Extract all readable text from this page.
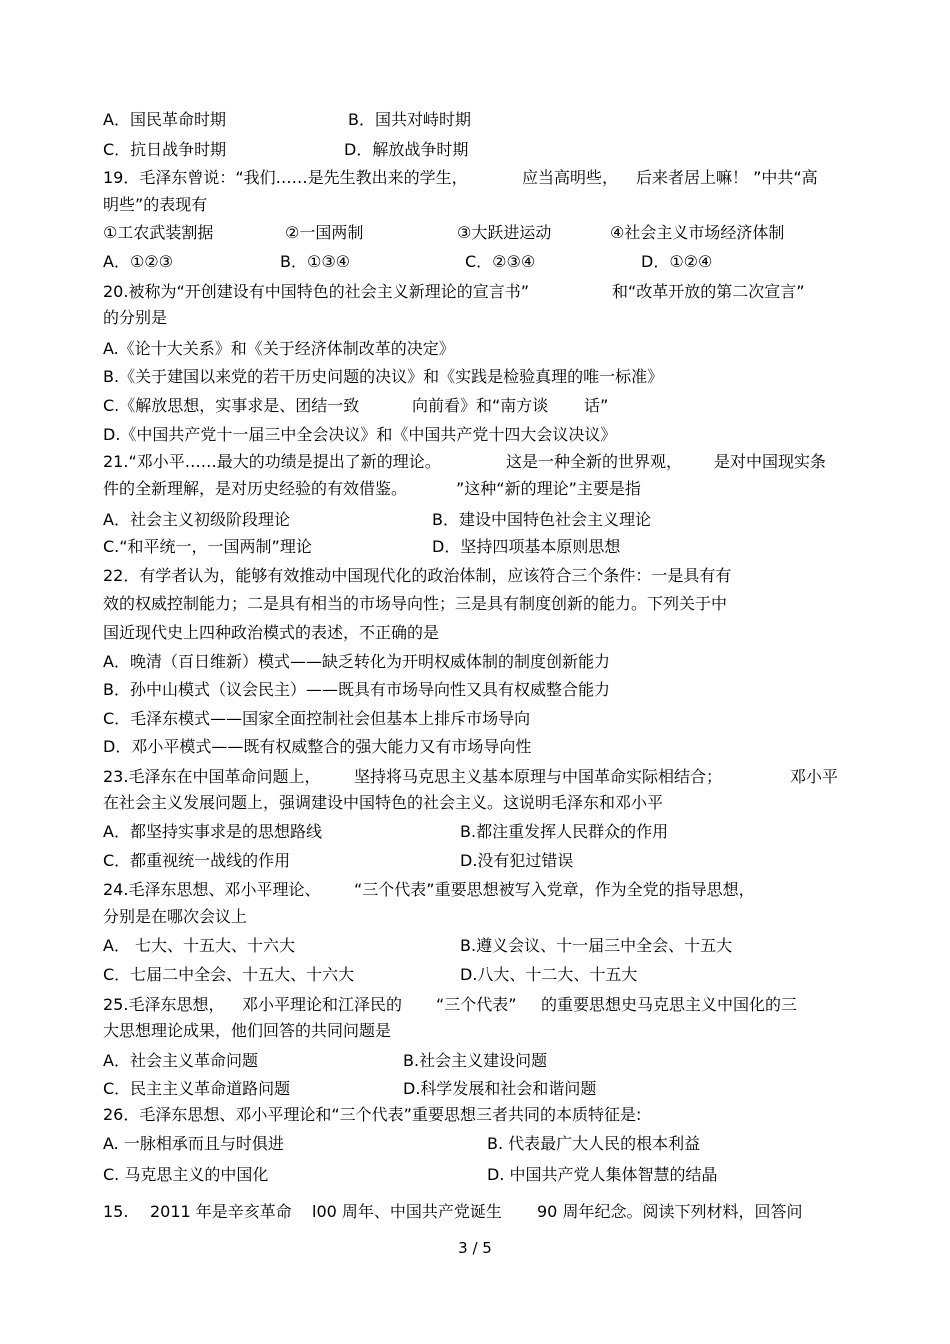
A．国民革命时期	B．国共对峙时期
C．抗日战争时期	D．解放战争时期
19．毛泽东曾说：“我们……是先生教出来的学生，	应当高明些， 后来者居上嘛！ ”中共“高
明些”的表现有
①工农武装割据	②一国两制	③大跃进运动	④社会主义市场经济体制
A．①②③	B．①③④	C．②③④	D．①②④
20.被称为“开创建设有中国特色的社会主义新理论的宣言书”	和“改革开放的第二次宣言”
的分别是
A.《论十大关系》和《关于经济体制改革的决定》
B.《关于建国以来党的若干历史问题的决议》和《实践是检验真理的唯一标准》
C.《解放思想，实事求是、团结一致	向前看》和“南方谈 话”
D.《中国共产党十一届三中全会决议》和《中国共产党十四大会议决议》
21.“邓小平……最大的功绩是提出了新的理论。	这是一种全新的世界观， 是对中国现实条
件的全新理解，是对历史经验的有效借鉴。	”这种“新的理论”主要是指
A．社会主义初级阶段理论	B．建设中国特色社会主义理论
C.“和平统一，一国两制”理论	D．坚持四项基本原则思想
22．有学者认为，能够有效推动中国现代化的政治体制，应该符合三个条件：一是具有有
效的权威控制能力；二是具有相当的市场导向性；三是具有制度创新的能力。下列关于中
国近现代史上四种政治模式的表述，不正确的是
A．晚清（百日维新）模式——缺乏转化为开明权威体制的制度创新能力
B．孙中山模式（议会民主）——既具有市场导向性又具有权威整合能力
C．毛泽东模式——国家全面控制社会但基本上排斥市场导向
D．邓小平模式——既有权威整合的强大能力又有市场导向性
23.毛泽东在中国革命问题上， 坚持将马克思主义基本原理与中国革命实际相结合；	邓小平
在社会主义发展问题上，强调建设中国特色的社会主义。这说明毛泽东和邓小平
A．都坚持实事求是的思想路线	B.都注重发挥人民群众的作用
C．都重视统一战线的作用	D.没有犯过错误
24.毛泽东思想、邓小平理论、 “三个代表”重要思想被写入党章，作为全党的指导思想，
分别是在哪次会议上
A． 七大、十五大、十六大	B.遵义会议、十一届三中全会、十五大
C．七届二中全会、十五大、十六大	D.八大、十二大、十五大
25.毛泽东思想， 邓小平理论和江泽民的 “三个代表” 的重要思想史马克思主义中国化的三
大思想理论成果，他们回答的共同问题是
A．社会主义革命问题	B.社会主义建设问题
C．民主主义革命道路问题	D.科学发展和社会和谐问题
26．毛泽东思想、邓小平理论和“三个代表”重要思想三者共同的本质特征是:
A. 一脉相承而且与时俱进	B. 代表最广大人民的根本利益
C. 马克思主义的中国化	D. 中国共产党人集体智慧的结晶
15. 2011 年是辛亥革命 l00 周年、中国共产党诞生 90 周年纪念。阅读下列材料，回答问
3 / 5
